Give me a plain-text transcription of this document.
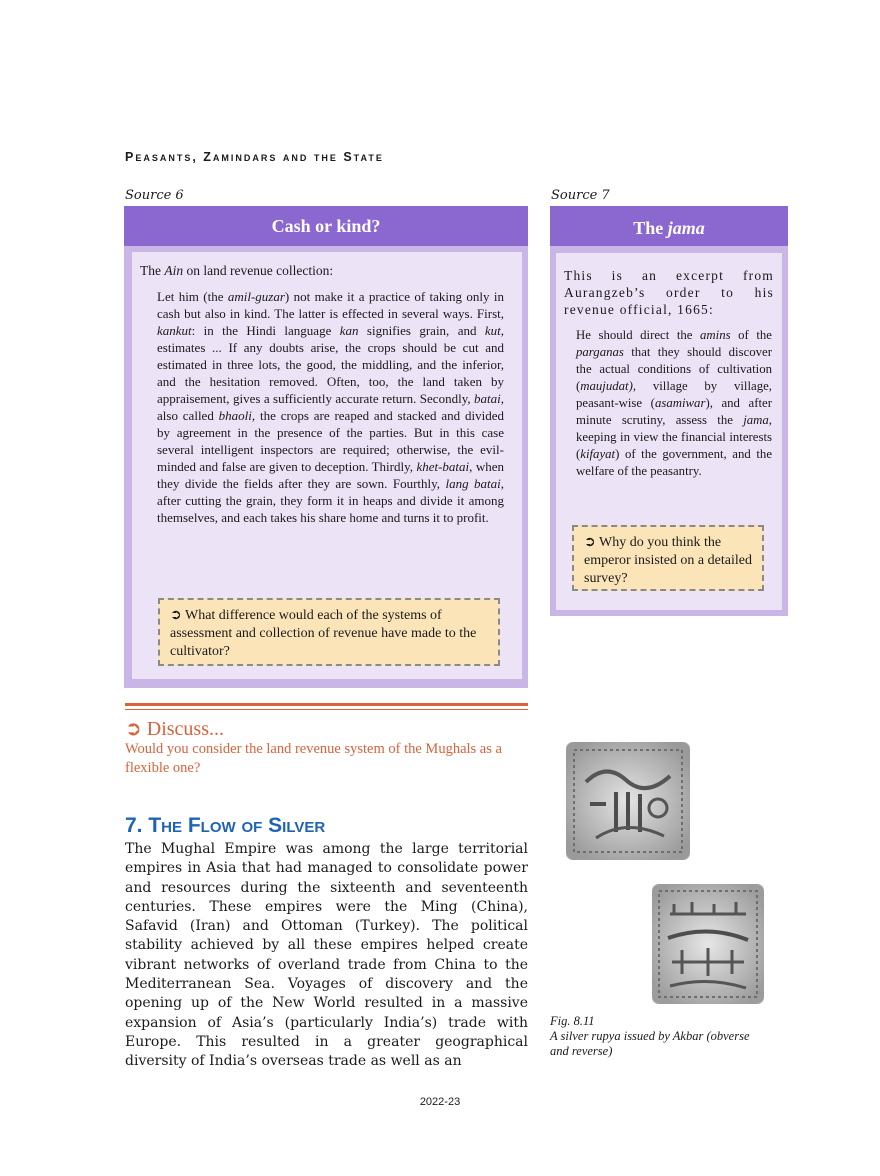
Peasants, Zamindars and the State
Source 6
Cash or kind?
The Ain on land revenue collection:
Let him (the amil-guzar) not make it a practice of taking only in cash but also in kind. The latter is effected in several ways. First, kankut: in the Hindi language kan signifies grain, and kut, estimates ... If any doubts arise, the crops should be cut and estimated in three lots, the good, the middling, and the inferior, and the hesitation removed. Often, too, the land taken by appraisement, gives a sufficiently accurate return. Secondly, batai, also called bhaoli, the crops are reaped and stacked and divided by agreement in the presence of the parties. But in this case several intelligent inspectors are required; otherwise, the evil-minded and false are given to deception. Thirdly, khet-batai, when they divide the fields after they are sown. Fourthly, lang batai, after cutting the grain, they form it in heaps and divide it among themselves, and each takes his share home and turns it to profit.
➲ What difference would each of the systems of assessment and collection of revenue have made to the cultivator?
Source 7
The jama
This is an excerpt from Aurangzeb’s order to his revenue official, 1665:
He should direct the amins of the parganas that they should discover the actual conditions of cultivation (maujudat), village by village, peasant-wise (asamiwar), and after minute scrutiny, assess the jama, keeping in view the financial interests (kifayat) of the government, and the welfare of the peasantry.
➲ Why do you think the emperor insisted on a detailed survey?
➲ Discuss...
Would you consider the land revenue system of the Mughals as a flexible one?
7. The Flow of Silver
The Mughal Empire was among the large territorial empires in Asia that had managed to consolidate power and resources during the sixteenth and seventeenth centuries. These empires were the Ming (China), Safavid (Iran) and Ottoman (Turkey). The political stability achieved by all these empires helped create vibrant networks of overland trade from China to the Mediterranean Sea. Voyages of discovery and the opening up of the New World resulted in a massive expansion of Asia’s (particularly India’s) trade with Europe. This resulted in a greater geographical diversity of India’s overseas trade as well as an
Fig. 8.11
A silver rupya issued by Akbar (obverse and reverse)
2022-23
